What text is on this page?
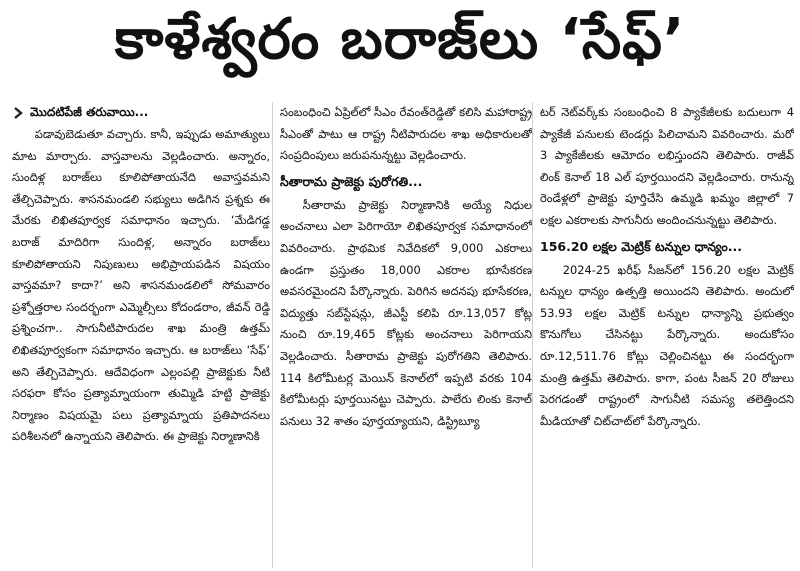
కాళేశ్వరం బరాజ్‌లు ‘సేఫ్’
మొదటిపేజీ తరువాయి...

పడావుబెడుతూ వచ్చారు. కానీ, ఇప్పుడు అమాత్యులు మాట మార్చారు. వాస్తవాలను వెల్లడించారు. అన్నారం, సుందిళ్ల బరాజ్‌లు కూలిపోతాయనేది అవాస్తవమని తేల్చిచెప్పారు. శాసనమండలి సభ్యులు అడిగిన ప్రశ్నకు ఈ మేరకు లిఖితపూర్వక సమాధానం ఇచ్చారు. ‘మేడిగడ్డ బరాజ్ మాదిరిగా సుందిళ్ల, అన్నారం బరాజ్‌లు కూలిపోతాయని నిపుణులు అభిప్రాయపడిన విషయం వాస్తవమా? కాదా?’ అని శాసనమండలిలో సోమవారం ప్రశ్నోత్తరాల సందర్భంగా ఎమ్మెల్సీలు కోదండరాం, జీవన్ రెడ్డి ప్రశ్నించగా.. సాగునీటిపారుదల శాఖ మంత్రి ఉత్తమ్ లిఖితపూర్వకంగా సమాధానం ఇచ్చారు. ఆ బరాజ్‌లు ‘సేఫ్’ అని తేల్చిచెప్పారు. ఆదేవిధంగా ఎల్లంపల్లి ప్రాజెక్టుకు నీటి సరఫరా కోసం ప్రత్యామ్నాయంగా తుమ్మిడి హట్టి ప్రాజెక్టు నిర్మాణం విషయమై పలు ప్రత్యామ్నాయ ప్రతిపాదనలు పరిశీలనలో ఉన్నాయని తెలిపారు. ఈ ప్రాజెక్టు నిర్మాణానికి

సంబంధించి ఏప్రిల్‌లో సీఎం రేవంత్‌రెడ్డితో కలిసి మహారాష్ట్ర సీఎంతో పాటు ఆ రాష్ట్ర నీటిపారుదల శాఖ అధికారులతో సంప్రదింపులు జరుపనున్నట్టు వెల్లడించారు.

సీతారామ ప్రాజెక్టు పురోగతి...

సీతారామ ప్రాజెక్టు నిర్మాణానికి అయ్యే నిధుల అంచనాలు ఎలా పెరిగాయో లిఖితపూర్వక సమాధానంలో వివరించారు. ప్రాథమిక నివేదికలో 9,000 ఎకరాలు ఉండగా ప్రస్తుతం 18,000 ఎకరాల భూసేకరణ అవసరమైందని పేర్కొన్నారు. పెరిగిన అదనపు భూసేకరణ, విద్యుత్తు సబ్‌స్టేషన్లు, జీఎస్టీ కలిపి రూ.13,057 కోట్ల నుంచి రూ.19,465 కోట్లకు అంచనాలు పెరిగాయని వెల్లడించారు. సీతారామ ప్రాజెక్టు పురోగతిని తెలిపారు. 114 కిలోమీటర్ల మెయిన్ కెనాల్‌లో ఇప్పటి వరకు 104 కిలోమీటర్లు పూర్తయినట్టు చెప్పారు. పాలేరు లింకు కెనాల్ పనులు 32 శాతం పూర్తయ్యాయని, డిస్ట్రిబ్యూ

టర్ నెట్‌వర్క్‌కు సంబంధించి 8 ప్యాకేజీలకు బదులుగా 4 ప్యాకేజీ పనులకు టెండర్లు పిలిచామని వివరించారు. మరో 3 ప్యాకేజీలకు ఆమోదం లభిస్తుందని తెలిపారు. రాజీవ్ లింక్ కెనాల్ 18 ఎల్ పూర్తయిందని వెల్లడించారు. రానున్న రెండేళ్లలో ప్రాజెక్టు పూర్తిచేసి ఉమ్మడి ఖమ్మం జిల్లాలో 7 లక్షల ఎకరాలకు సాగునీరు అందించనున్నట్టు తెలిపారు.

156.20 లక్షల మెట్రిక్ టన్నుల ధాన్యం...

2024-25 ఖరీఫ్ సీజన్‌లో 156.20 లక్షల మెట్రిక్ టన్నుల ధాన్యం ఉత్పత్తి అయిందని తెలిపారు. అందులో 53.93 లక్షల మెట్రిక్ టన్నుల ధాన్యాన్ని ప్రభుత్వం కొనుగోలు చేసినట్టు పేర్కొన్నారు. అందుకోసం రూ.12,511.76 కోట్లు చెల్లించినట్టు ఈ సందర్భంగా మంత్రి ఉత్తమ్ తెలిపారు. కాగా, పంట సీజన్ 20 రోజులు పెరగడంతో రాష్ట్రంలో సాగునీటి సమస్య తలెత్తిందని మీడియాతో చిట్‌చాట్‌లో పేర్కొన్నారు.
